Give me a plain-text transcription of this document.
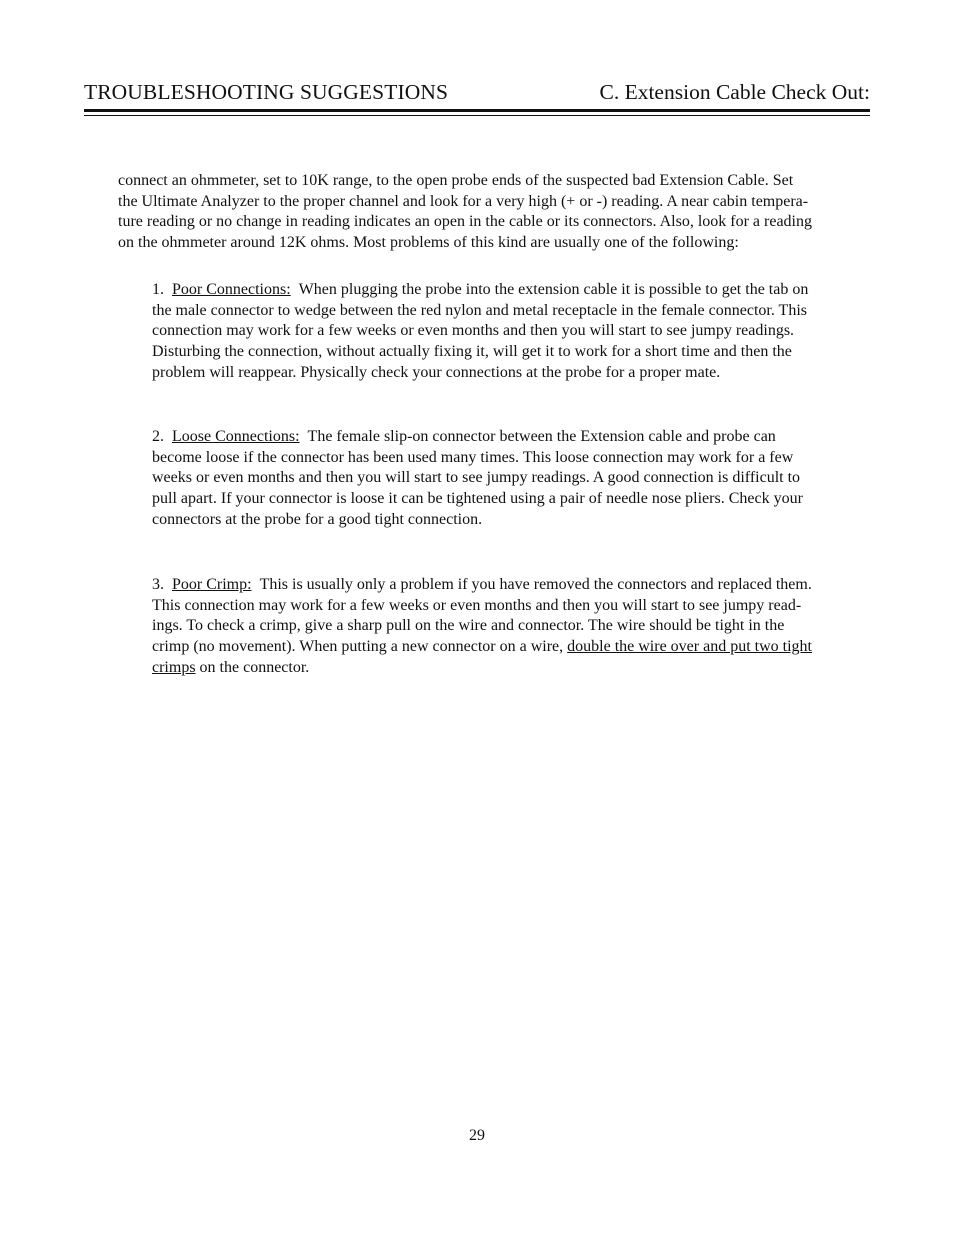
TROUBLESHOOTING SUGGESTIONS	C. Extension Cable Check Out:

connect an ohmmeter, set to 10K range, to the open probe ends of the suspected bad Extension Cable. Set
the Ultimate Analyzer to the proper channel and look for a very high (+ or -) reading. A near cabin tempera-
ture reading or no change in reading indicates an open in the cable or its connectors. Also, look for a reading
on the ohmmeter around 12K ohms. Most problems of this kind are usually one of the following:

1. Poor Connections: When plugging the probe into the extension cable it is possible to get the tab on
the male connector to wedge between the red nylon and metal receptacle in the female connector. This
connection may work for a few weeks or even months and then you will start to see jumpy readings.
Disturbing the connection, without actually fixing it, will get it to work for a short time and then the
problem will reappear. Physically check your connections at the probe for a proper mate.

2. Loose Connections: The female slip-on connector between the Extension cable and probe can
become loose if the connector has been used many times. This loose connection may work for a few
weeks or even months and then you will start to see jumpy readings. A good connection is difficult to
pull apart. If your connector is loose it can be tightened using a pair of needle nose pliers. Check your
connectors at the probe for a good tight connection.

3. Poor Crimp: This is usually only a problem if you have removed the connectors and replaced them.
This connection may work for a few weeks or even months and then you will start to see jumpy read-
ings. To check a crimp, give a sharp pull on the wire and connector. The wire should be tight in the
crimp (no movement). When putting a new connector on a wire, double the wire over and put two tight
crimps on the connector.

29
